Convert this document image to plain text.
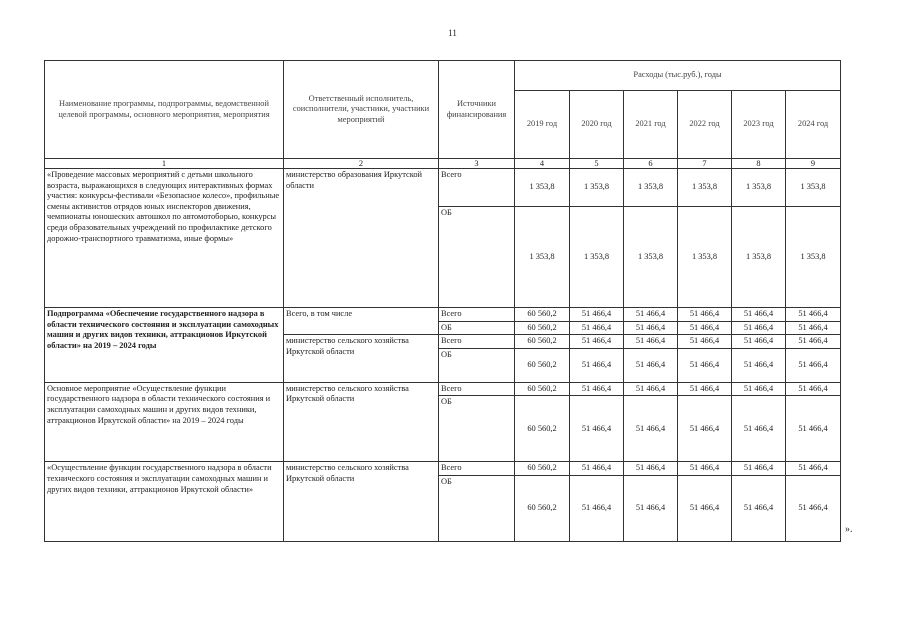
11
Наименование программы, подпрограммы, ведомственной целевой программы, основного мероприятия, мероприятия	Ответственный исполнитель, соисполнители, участники, участники мероприятий	Источники финансирования	Расходы (тыс.руб.), годы					
			2019 год	2020 год	2021 год	2022 год	2023 год	2024 год
1	2	3	4	5	6	7	8	9
«Проведение массовых мероприятий с детьми школьного возраста, выражающихся в следующих интерактивных формах участия: конкурсы-фестивали «Безопасное колесо», профильные смены активистов отрядов юных инспекторов движения, чемпионаты юношеских автошкол по автомотоборью, конкурсы среди образовательных учреждений по профилактике детского дорожно-транспортного травматизма, иные формы»	министерство образования Иркутской области	Всего	1 353,8	1 353,8	1 353,8	1 353,8	1 353,8	1 353,8
		ОБ	1 353,8	1 353,8	1 353,8	1 353,8	1 353,8	1 353,8
Подпрограмма «Обеспечение государственного надзора в области технического состояния и эксплуатации самоходных машин и других видов техники, аттракционов Иркутской области» на 2019 – 2024 годы	Всего, в том числе	Всего	60 560,2	51 466,4	51 466,4	51 466,4	51 466,4	51 466,4
		ОБ	60 560,2	51 466,4	51 466,4	51 466,4	51 466,4	51 466,4
	министерство сельского хозяйства Иркутской области	Всего	60 560,2	51 466,4	51 466,4	51 466,4	51 466,4	51 466,4
		ОБ	60 560,2	51 466,4	51 466,4	51 466,4	51 466,4	51 466,4
Основное мероприятие «Осуществление функции государственного надзора в области технического состояния и эксплуатации самоходных машин и других видов техники, аттракционов Иркутской области» на 2019 – 2024 годы	министерство сельского хозяйства Иркутской области	Всего	60 560,2	51 466,4	51 466,4	51 466,4	51 466,4	51 466,4
		ОБ	60 560,2	51 466,4	51 466,4	51 466,4	51 466,4	51 466,4
«Осуществление функции государственного надзора в области технического состояния и эксплуатации самоходных машин и других видов техники, аттракционов Иркутской области»	министерство сельского хозяйства Иркутской области	Всего	60 560,2	51 466,4	51 466,4	51 466,4	51 466,4	51 466,4
		ОБ	60 560,2	51 466,4	51 466,4	51 466,4	51 466,4	51 466,4
».
